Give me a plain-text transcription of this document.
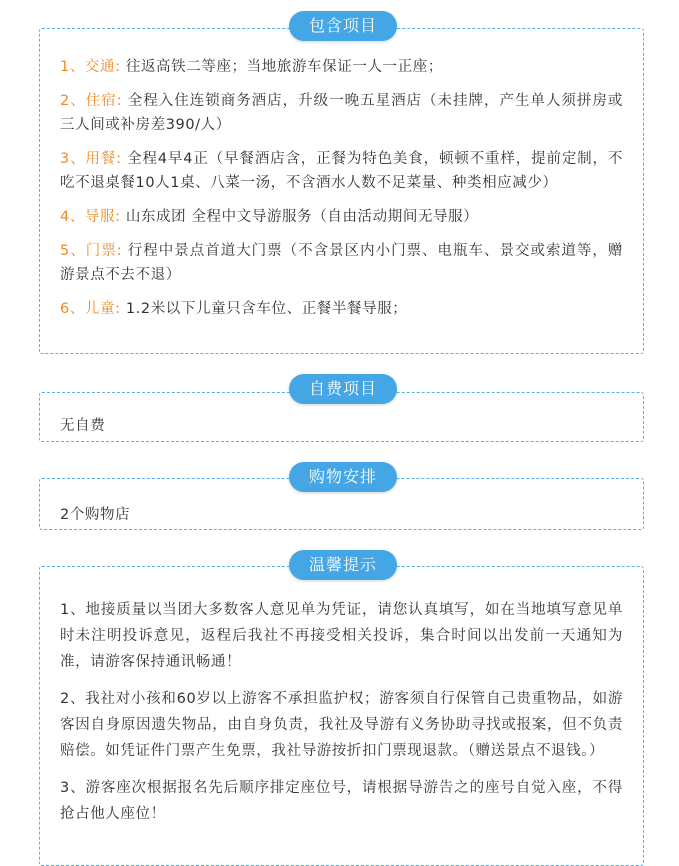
1、交通: 往返高铁二等座；当地旅游车保证一人一正座；

2、住宿: 全程入住连锁商务酒店，升级一晚五星酒店（未挂牌，产生单人须拼房或三人间或补房差390/人）

3、用餐: 全程4早4正（早餐酒店含，正餐为特色美食，顿顿不重样，提前定制，不吃不退桌餐10人1桌、八菜一汤，不含酒水人数不足菜量、种类相应减少）

4、导服: 山东成团 全程中文导游服务（自由活动期间无导服）

5、门票: 行程中景点首道大门票（不含景区内小门票、电瓶车、景交或索道等，赠游景点不去不退）

6、儿童: 1.2米以下儿童只含车位、正餐半餐导服；

包含项目

无自费

自费项目

2个购物店

购物安排

1、地接质量以当团大多数客人意见单为凭证，请您认真填写，如在当地填写意见单时未注明投诉意见，返程后我社不再接受相关投诉，集合时间以出发前一天通知为准，请游客保持通讯畅通！

2、我社对小孩和60岁以上游客不承担监护权；游客须自行保管自己贵重物品，如游客因自身原因遗失物品，由自身负责，我社及导游有义务协助寻找或报案，但不负责赔偿。如凭证件门票产生免票，我社导游按折扣门票现退款。（赠送景点不退钱。）

3、游客座次根据报名先后顺序排定座位号，请根据导游告之的座号自觉入座，不得抢占他人座位！

温馨提示
